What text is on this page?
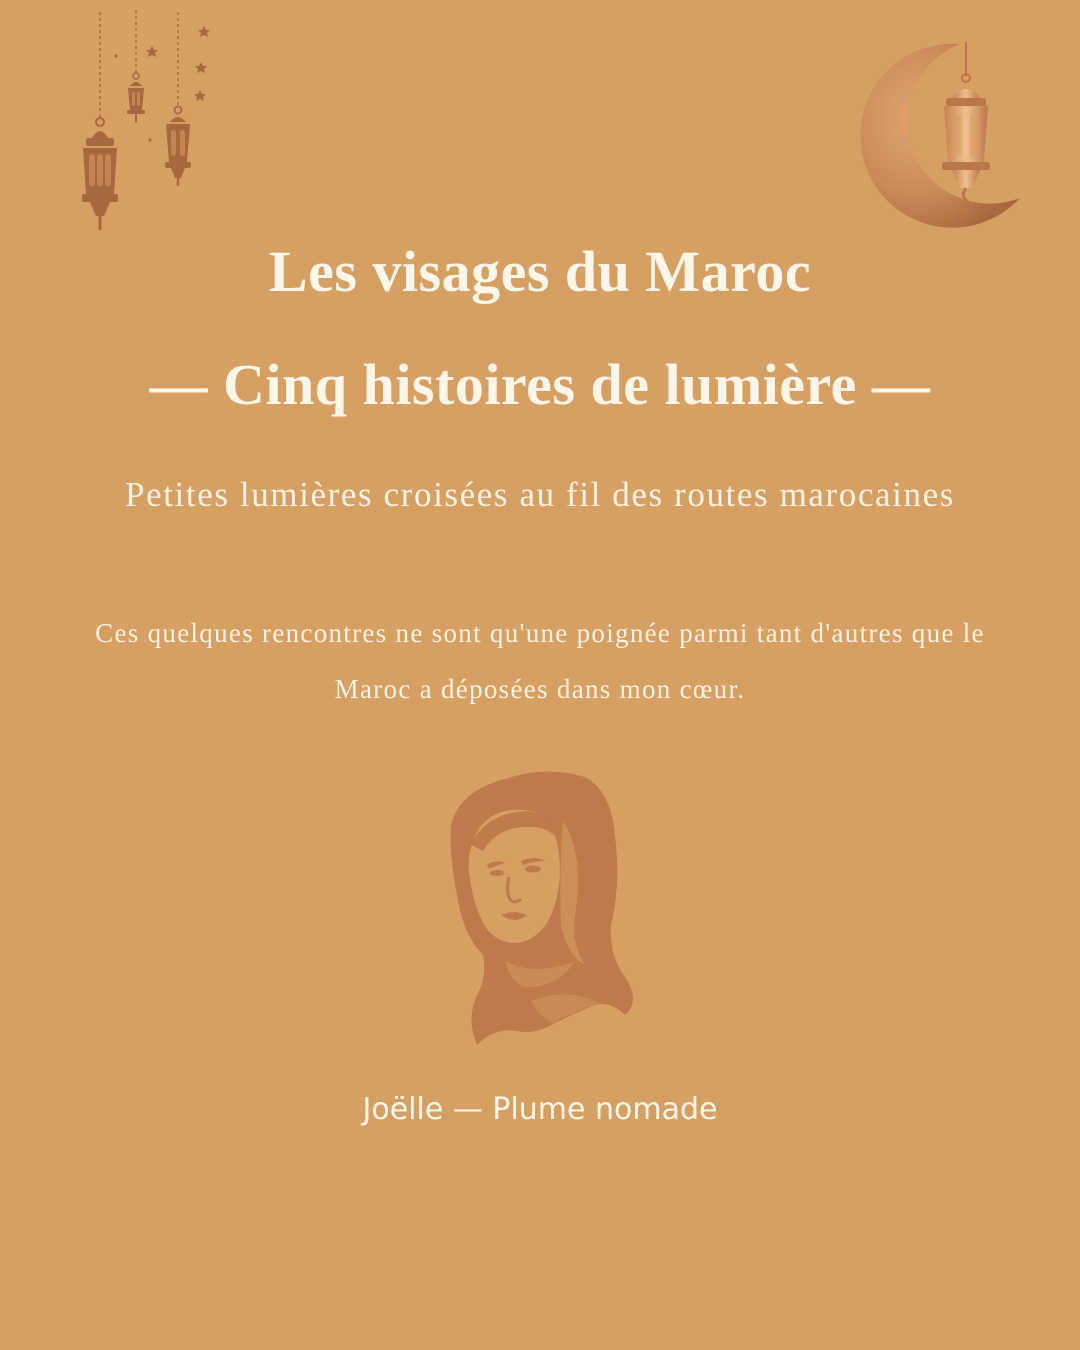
Les visages du Maroc
— Cinq histoires de lumière —

Petites lumières croisées au fil des routes marocaines

Ces quelques rencontres ne sont qu'une poignée parmi tant d'autres que le Maroc a déposées dans mon cœur.

Joëlle — Plume nomade
